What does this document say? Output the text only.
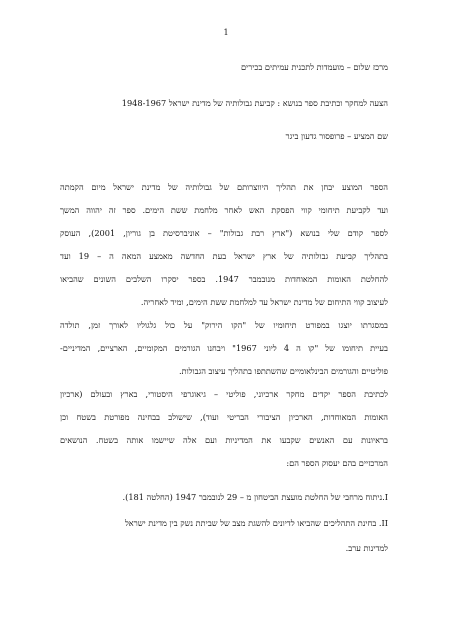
1

מרכז שלום – מועמדות לתכנית עמיתים בכירים

הצעה למחקר וכתיבת ספר בנושא : קביעת גבולותיה של מדינת ישראל 1948-1967

שם המציע – פרופסור גדעון ביגר

הספר המוצע יבחן את תהליך היווצרותם של גבולותיה של מדינת ישראל מיום הקמתה

ועד לקביעת תיחומי קווי הפסקת האש לאחר מלחמת ששת הימים. ספר זה יהווה המשך

לספר קודם שלי בנושא ("ארץ רבת גבולות" – אוניברסיטת בן גוריון, 2001), העוסק

בתהליך קביעת גבולותיה של ארץ ישראל בעת החדשה מאמצע המאה ה – 19 ועד

להחלטת האומות המאוחדות מנובמבר 1947. בספר יסקרו השלבים השונים שהביאו

לעיצוב קווי התיחום של מדינת ישראל עד למלחמת ששת הימים, ומיד לאחריה.

במסגרתו יוצגו במפורט תיחומיו של "הקו הירוק" על כול גלגוליו לאורך זמן, תולדה

בעיית תיחומו של "קו ה 4 ליוני 1967" ויבחנו הגורמים המקומיים, הארציים, המדיניים-

פוליטיים והגורמים הבינלאומיים שהשתתפו בתהליך עיצוב הגבולות.

לכתיבת הספר יקדים מחקר ארכיוני, פוליטי – גיאוגרפי היסטורי, בארץ ובעולם (ארכיון

האומות המאוחדות, הארכיון הציבורי הבריטי ועוד), שישולב בבחינה מפורטת בשטח וכן

בראיונות עם האנשים שקבעו את המדיניות ועם אלה שיישמו אותה בשטח. הנושאים

המרכזיים בהם יעסוק הספר הם:

I.ניתוח מרחבי של החלטת מועצת הביטחון מ – 29 לנובמבר 1947 (החלטה 181).

II. בחינת התהליכים שהביאו לדיונים להשגת מצב של שביתת נשק בין מדינת ישראל

למדינות ערב.
